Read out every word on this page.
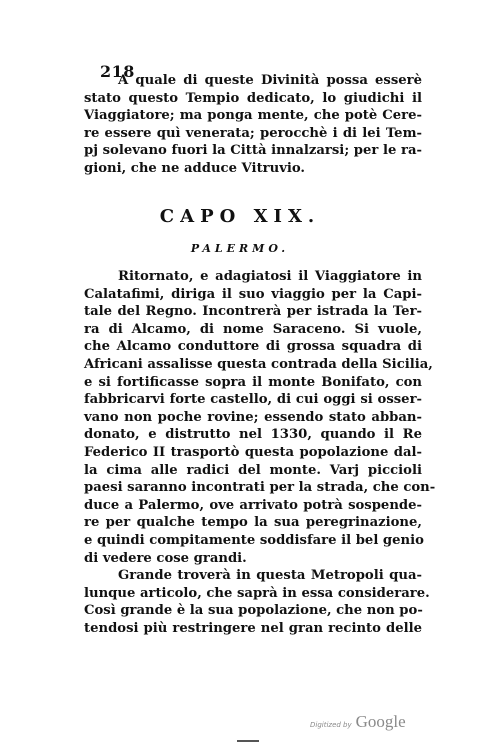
218
A quale di queste Divinità possa esserè
stato questo Tempio dedicato, lo giudichi il
Viaggiatore; ma ponga mente, che potè Cere-
re essere quì venerata; perocchè i di lei Tem-
pj solevano fuori la Città innalzarsi; per le ra-
gioni, che ne adduce Vitruvio.
CAPO XIX.
PALERMO.
Ritornato, e adagiatosi il Viaggiatore in
Calatafimi, diriga il suo viaggio per la Capi-
tale del Regno. Incontrerà per istrada la Ter-
ra di Alcamo, di nome Saraceno. Si vuole,
che Alcamo conduttore di grossa squadra di
Africani assalisse questa contrada della Sicilia,
e si fortificasse sopra il monte Bonifato, con
fabbricarvi forte castello, di cui oggi si osser-
vano non poche rovine; essendo stato abban-
donato, e distrutto nel 1330, quando il Re
Federico II trasportò questa popolazione dal-
la cima alle radici del monte. Varj piccioli
paesi saranno incontrati per la strada, che con-
duce a Palermo, ove arrivato potrà sospende-
re per qualche tempo la sua peregrinazione,
e quindi compitamente soddisfare il bel genio
di vedere cose grandi.
Grande troverà in questa Metropoli qua-
lunque articolo, che saprà in essa considerare.
Così grande è la sua popolazione, che non po-
tendosi più restringere nel gran recinto delle
Digitized by Google
